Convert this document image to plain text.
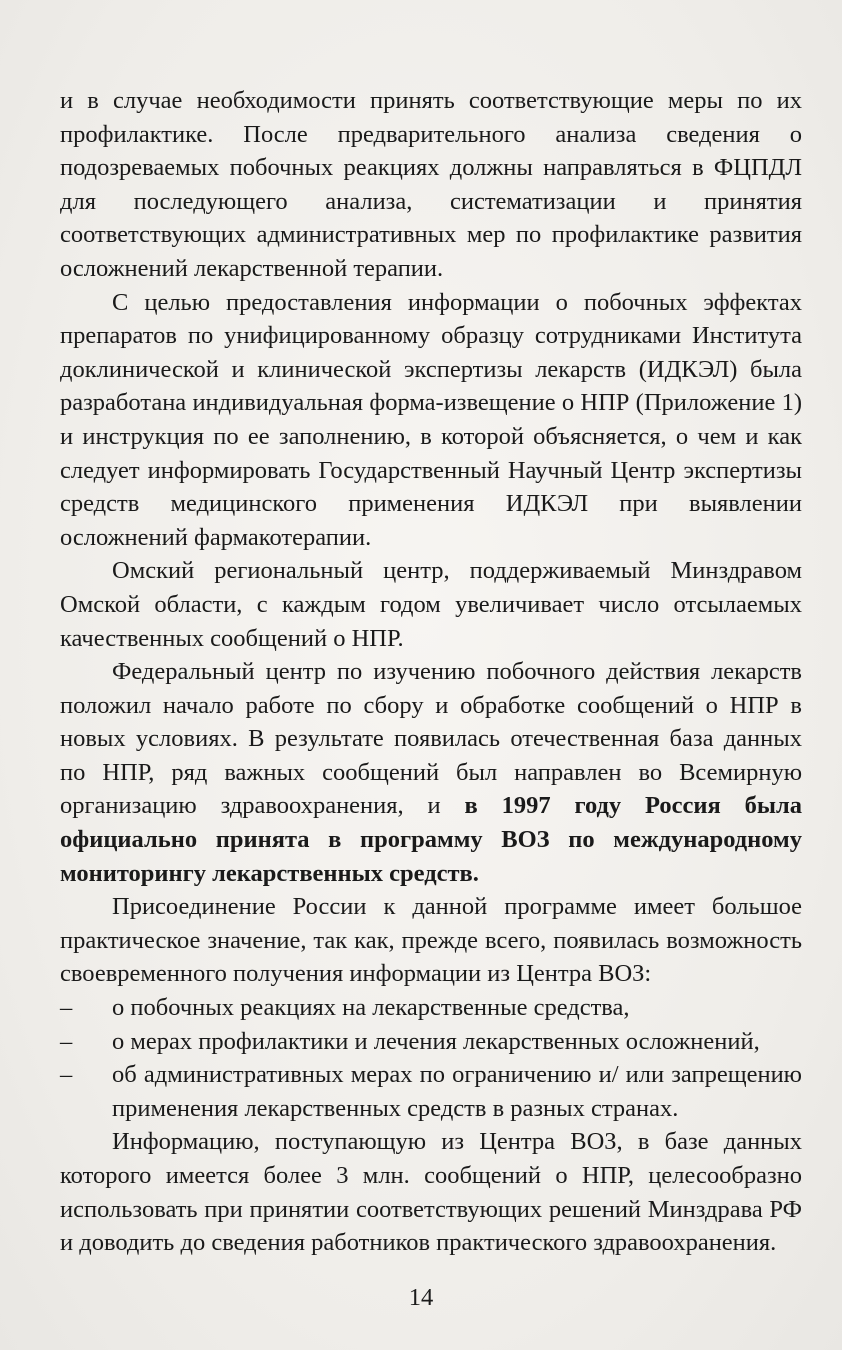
и в случае необходимости принять соответствующие меры по их профилактике. После предварительного анализа сведения о подозреваемых побочных реакциях должны направляться в ФЦПДЛ для последующего анализа, систематизации и принятия соответствующих административных мер по профилактике развития осложнений лекарственной терапии.

С целью предоставления информации о побочных эффектах препаратов по унифицированному образцу сотрудниками Института доклинической и клинической экспертизы лекарств (ИДКЭЛ) была разработана индивидуальная форма-извещение о НПР (Приложение 1) и инструкция по ее заполнению, в которой объясняется, о чем и как следует информировать Государственный Научный Центр экспертизы средств медицинского применения ИДКЭЛ при выявлении осложнений фармакотерапии.

Омский региональный центр, поддерживаемый Минздравом Омской области, с каждым годом увеличивает число отсылаемых качественных сообщений о НПР.

Федеральный центр по изучению побочного действия лекарств положил начало работе по сбору и обработке сообщений о НПР в новых условиях. В результате появилась отечественная база данных по НПР, ряд важных сообщений был направлен во Всемирную организацию здравоохранения, и в 1997 году Россия была официально принята в программу ВОЗ по международному мониторингу лекарственных средств.

Присоединение России к данной программе имеет большое практическое значение, так как, прежде всего, появилась возможность своевременного получения информации из Центра ВОЗ:

– о побочных реакциях на лекарственные средства,
– о мерах профилактики и лечения лекарственных осложнений,
– об административных мерах по ограничению и/ или запрещению применения лекарственных средств в разных странах.

Информацию, поступающую из Центра ВОЗ, в базе данных которого имеется более 3 млн. сообщений о НПР, целесообразно использовать при принятии соответствующих решений Минздрава РФ и доводить до сведения работников практического здравоохранения.

14
